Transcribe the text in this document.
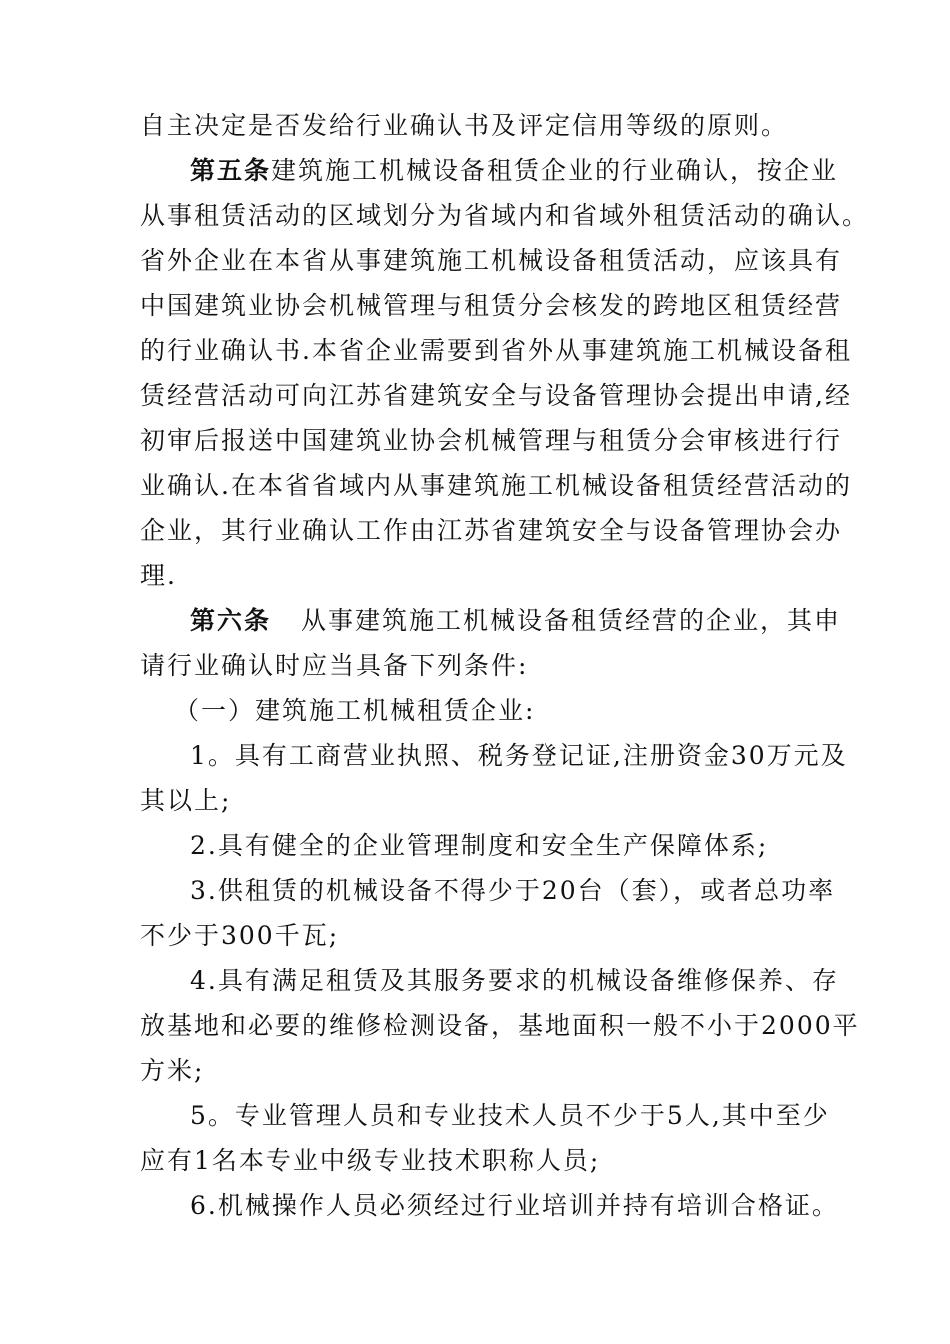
自主决定是否发给行业确认书及评定信用等级的原则。
第五条建筑施工机械设备租赁企业的行业确认，按企业
从事租赁活动的区域划分为省域内和省域外租赁活动的确认。
省外企业在本省从事建筑施工机械设备租赁活动，应该具有
中国建筑业协会机械管理与租赁分会核发的跨地区租赁经营
的行业确认书.本省企业需要到省外从事建筑施工机械设备租
赁经营活动可向江苏省建筑安全与设备管理协会提出申请,经
初审后报送中国建筑业协会机械管理与租赁分会审核进行行
业确认.在本省省域内从事建筑施工机械设备租赁经营活动的
企业，其行业确认工作由江苏省建筑安全与设备管理协会办
理.
第六条 从事建筑施工机械设备租赁经营的企业，其申
请行业确认时应当具备下列条件:
（一）建筑施工机械租赁企业:
1。具有工商营业执照、税务登记证,注册资金30万元及
其以上;
2.具有健全的企业管理制度和安全生产保障体系;
3.供租赁的机械设备不得少于20台（套），或者总功率
不少于300千瓦;
4.具有满足租赁及其服务要求的机械设备维修保养、存
放基地和必要的维修检测设备，基地面积一般不小于2000平
方米;
5。专业管理人员和专业技术人员不少于5人,其中至少
应有1名本专业中级专业技术职称人员;
6.机械操作人员必须经过行业培训并持有培训合格证。
